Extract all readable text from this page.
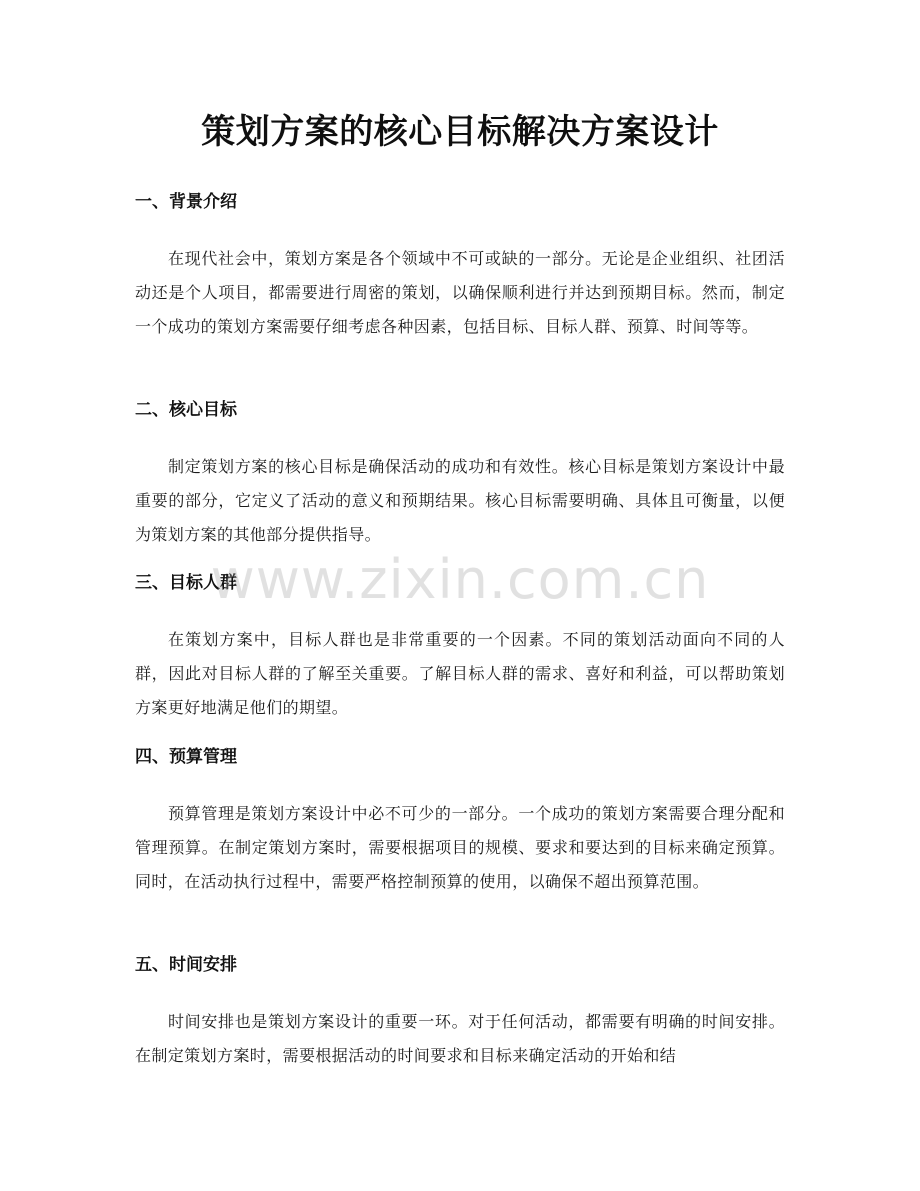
策划方案的核心目标解决方案设计
一、背景介绍

在现代社会中，策划方案是各个领域中不可或缺的一部分。无论是企业组织、社团活动还是个人项目，都需要进行周密的策划，以确保顺利进行并达到预期目标。然而，制定一个成功的策划方案需要仔细考虑各种因素，包括目标、目标人群、预算、时间等等。

二、核心目标

制定策划方案的核心目标是确保活动的成功和有效性。核心目标是策划方案设计中最重要的部分，它定义了活动的意义和预期结果。核心目标需要明确、具体且可衡量，以便为策划方案的其他部分提供指导。

三、目标人群

在策划方案中，目标人群也是非常重要的一个因素。不同的策划活动面向不同的人群，因此对目标人群的了解至关重要。了解目标人群的需求、喜好和利益，可以帮助策划方案更好地满足他们的期望。

四、预算管理

预算管理是策划方案设计中必不可少的一部分。一个成功的策划方案需要合理分配和管理预算。在制定策划方案时，需要根据项目的规模、要求和要达到的目标来确定预算。同时，在活动执行过程中，需要严格控制预算的使用，以确保不超出预算范围。

五、时间安排

时间安排也是策划方案设计的重要一环。对于任何活动，都需要有明确的时间安排。在制定策划方案时，需要根据活动的时间要求和目标来确定活动的开始和结

www.zixin.com.cn
